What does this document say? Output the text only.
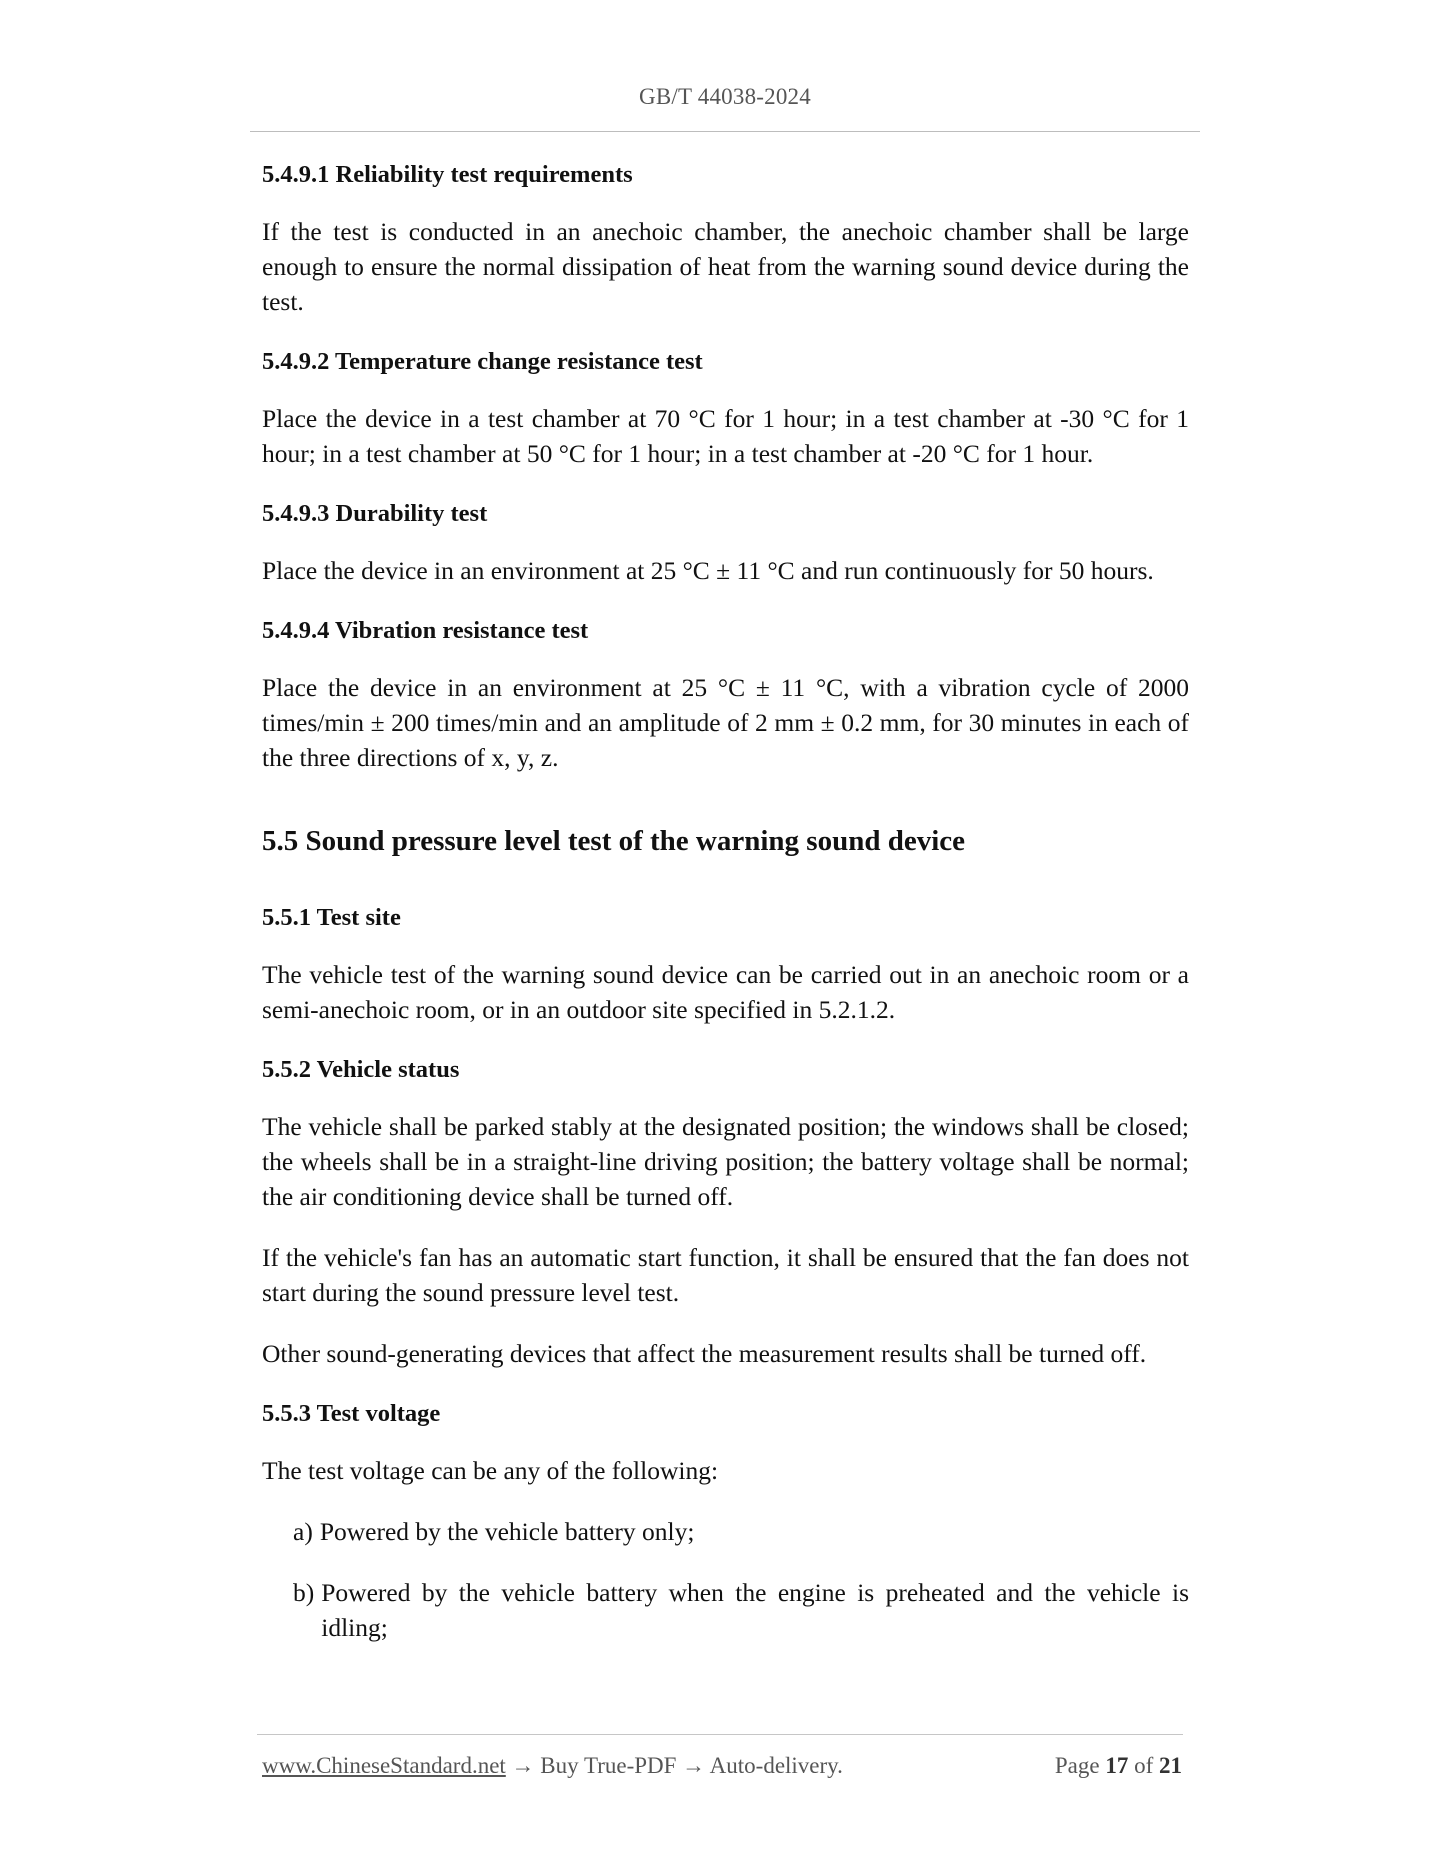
GB/T 44038-2024
5.4.9.1 Reliability test requirements

If the test is conducted in an anechoic chamber, the anechoic chamber shall be large enough to ensure the normal dissipation of heat from the warning sound device during the test.

5.4.9.2 Temperature change resistance test

Place the device in a test chamber at 70 °C for 1 hour; in a test chamber at -30 °C for 1 hour; in a test chamber at 50 °C for 1 hour; in a test chamber at -20 °C for 1 hour.

5.4.9.3 Durability test

Place the device in an environment at 25 °C ± 11 °C and run continuously for 50 hours.

5.4.9.4 Vibration resistance test

Place the device in an environment at 25 °C ± 11 °C, with a vibration cycle of 2000 times/min ± 200 times/min and an amplitude of 2 mm ± 0.2 mm, for 30 minutes in each of the three directions of x, y, z.

5.5 Sound pressure level test of the warning sound device
5.5.1 Test site

The vehicle test of the warning sound device can be carried out in an anechoic room or a semi-anechoic room, or in an outdoor site specified in 5.2.1.2.

5.5.2 Vehicle status

The vehicle shall be parked stably at the designated position; the windows shall be closed; the wheels shall be in a straight-line driving position; the battery voltage shall be normal; the air conditioning device shall be turned off.

If the vehicle's fan has an automatic start function, it shall be ensured that the fan does not start during the sound pressure level test.

Other sound-generating devices that affect the measurement results shall be turned off.

5.5.3 Test voltage

The test voltage can be any of the following:

a) Powered by the vehicle battery only;
b) Powered by the vehicle battery when the engine is preheated and the vehicle is idling;
www.ChineseStandard.net → Buy True-PDF → Auto-delivery.	Page 17 of 21
